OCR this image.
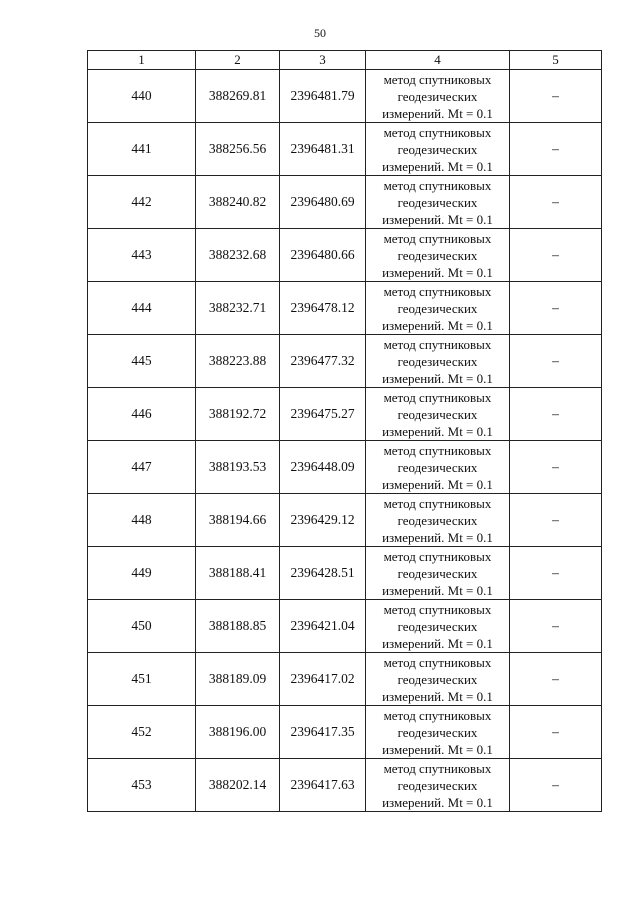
50
1	2	3	4	5
440	388269.81	2396481.79	метод спутниковых
геодезических
измерений. Mt = 0.1	–
441	388256.56	2396481.31	метод спутниковых
геодезических
измерений. Mt = 0.1	–
442	388240.82	2396480.69	метод спутниковых
геодезических
измерений. Mt = 0.1	–
443	388232.68	2396480.66	метод спутниковых
геодезических
измерений. Mt = 0.1	–
444	388232.71	2396478.12	метод спутниковых
геодезических
измерений. Mt = 0.1	–
445	388223.88	2396477.32	метод спутниковых
геодезических
измерений. Mt = 0.1	–
446	388192.72	2396475.27	метод спутниковых
геодезических
измерений. Mt = 0.1	–
447	388193.53	2396448.09	метод спутниковых
геодезических
измерений. Mt = 0.1	–
448	388194.66	2396429.12	метод спутниковых
геодезических
измерений. Mt = 0.1	–
449	388188.41	2396428.51	метод спутниковых
геодезических
измерений. Mt = 0.1	–
450	388188.85	2396421.04	метод спутниковых
геодезических
измерений. Mt = 0.1	–
451	388189.09	2396417.02	метод спутниковых
геодезических
измерений. Mt = 0.1	–
452	388196.00	2396417.35	метод спутниковых
геодезических
измерений. Mt = 0.1	–
453	388202.14	2396417.63	метод спутниковых
геодезических
измерений. Mt = 0.1	–
